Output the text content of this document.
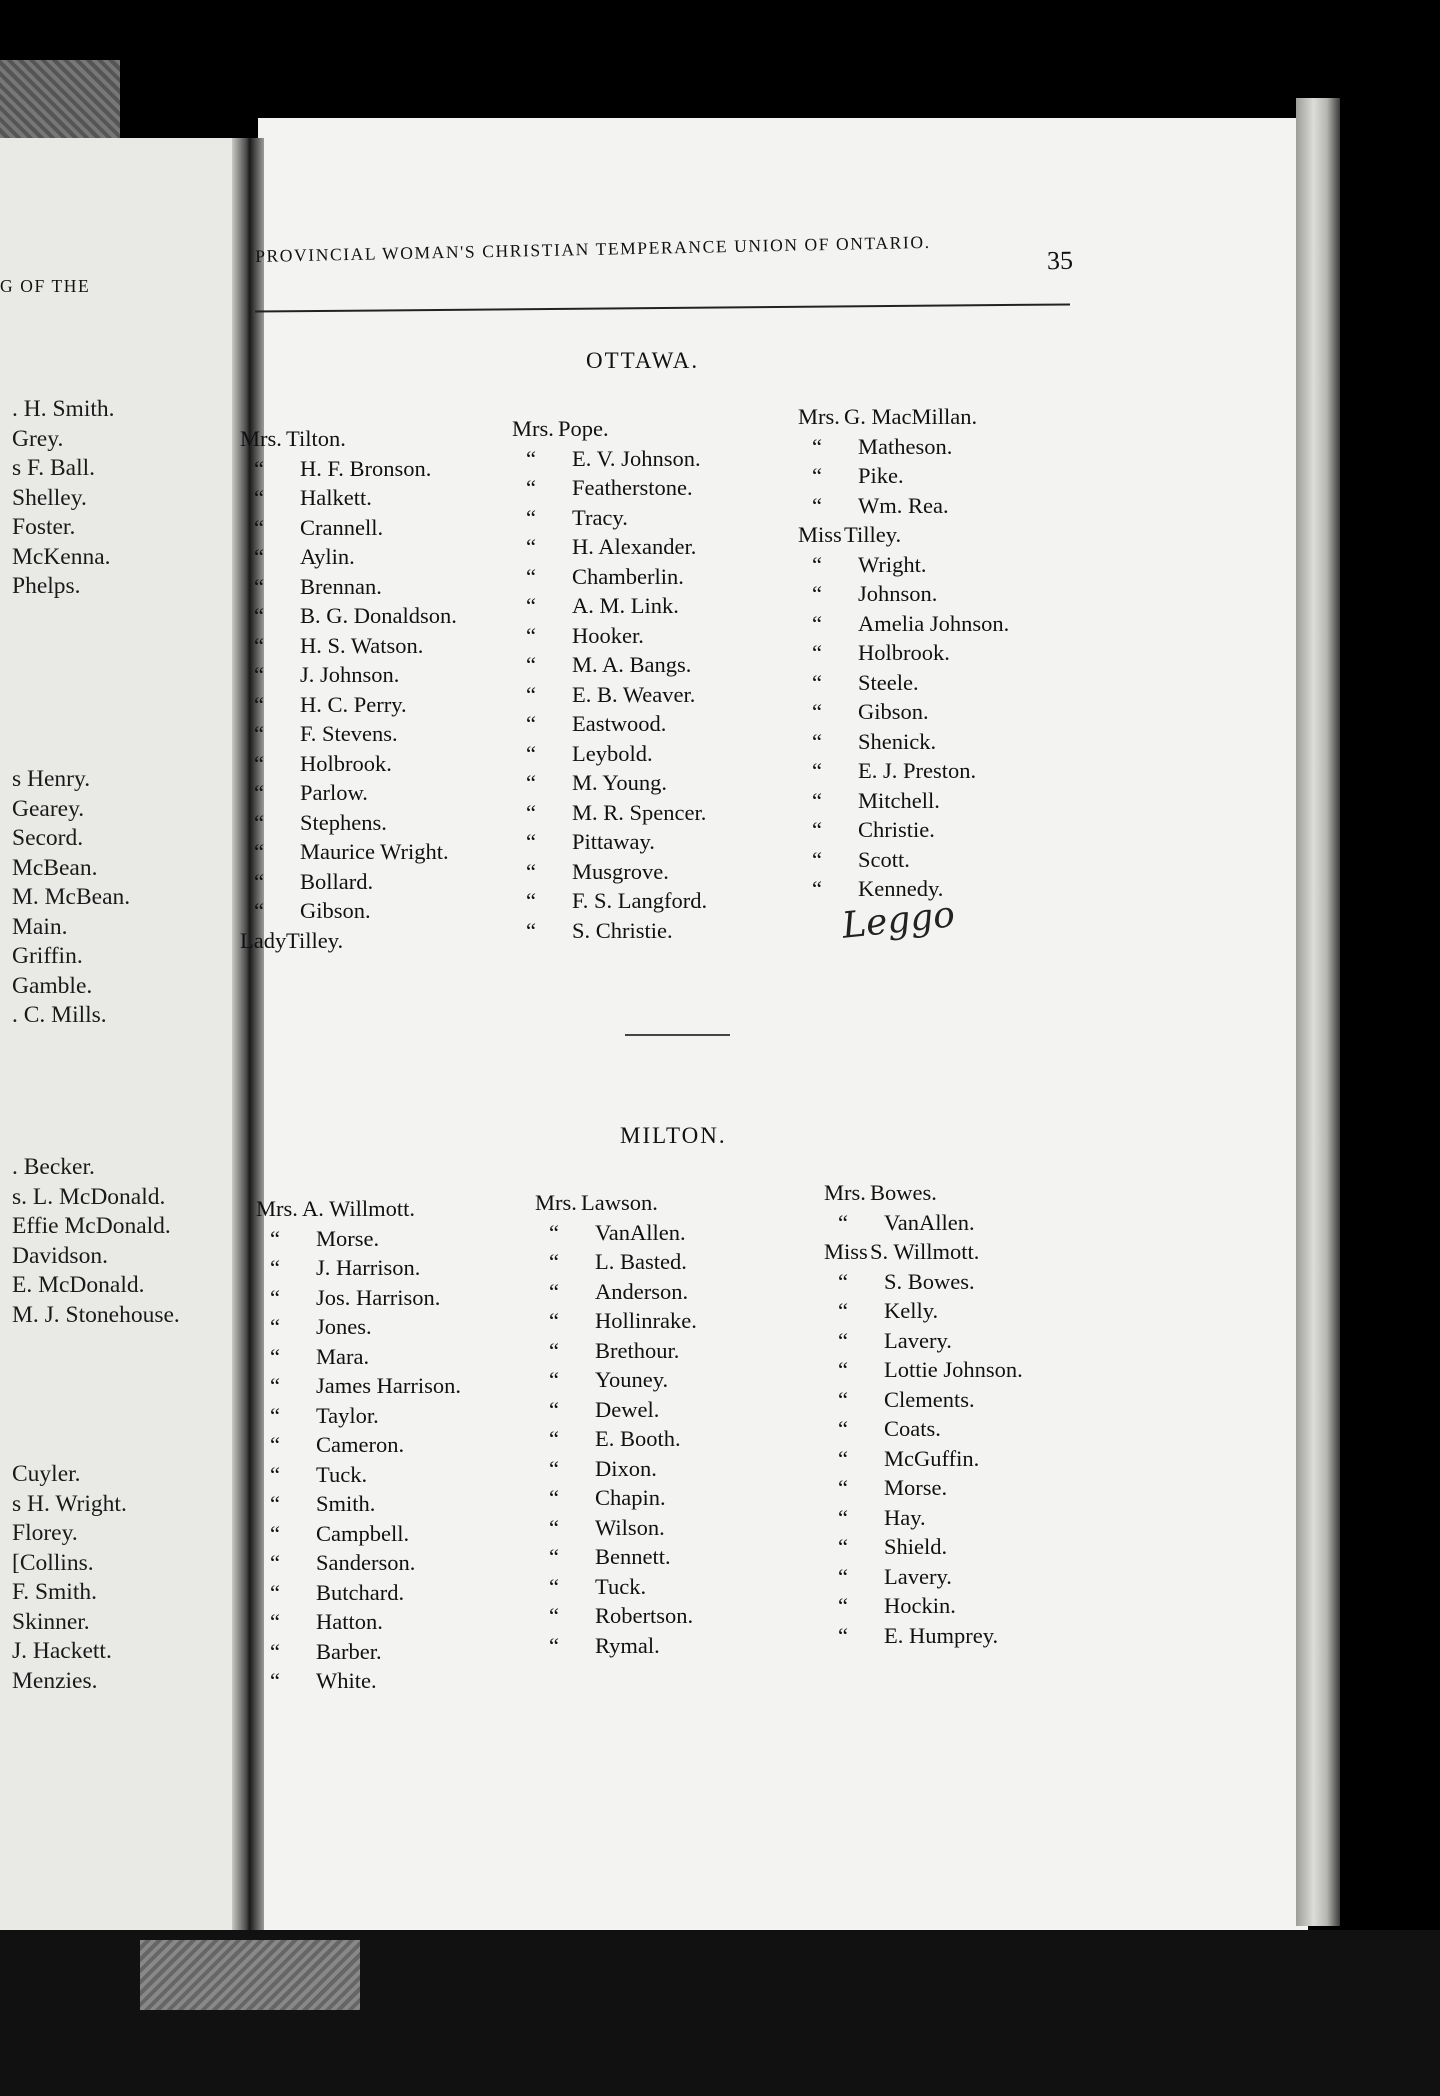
G OF THE
PROVINCIAL WOMAN'S CHRISTIAN TEMPERANCE UNION OF ONTARIO.	35
. H. Smith.
Grey.
s F. Ball.
Shelley.
Foster.
McKenna.
Phelps.
s Henry.
Gearey.
Secord.
McBean.
M. McBean.
Main.
Griffin.
Gamble.
. C. Mills.
. Becker.
s. L. McDonald.
Effie McDonald.
Davidson.
E. McDonald.
M. J. Stonehouse.
Cuyler.
s H. Wright.
Florey.
[Collins.
F. Smith.
Skinner.
J. Hackett.
Menzies.
OTTAWA.
Mrs. Tilton.
“	H. F. Bronson.
“	Halkett.
“	Crannell.
“	Aylin.
“	Brennan.
“	B. G. Donaldson.
“	H. S. Watson.
“	J. Johnson.
“	H. C. Perry.
“	F. Stevens.
“	Holbrook.
“	Parlow.
“	Stephens.
“	Maurice Wright.
“	Bollard.
“	Gibson.
Lady Tilley.
Mrs. Pope.
“	E. V. Johnson.
“	Featherstone.
“	Tracy.
“	H. Alexander.
“	Chamberlin.
“	A. M. Link.
“	Hooker.
“	M. A. Bangs.
“	E. B. Weaver.
“	Eastwood.
“	Leybold.
“	M. Young.
“	M. R. Spencer.
“	Pittaway.
“	Musgrove.
“	F. S. Langford.
“	S. Christie.
Mrs. G. MacMillan.
“	Matheson.
“	Pike.
“	Wm. Rea.
Miss Tilley.
“	Wright.
“	Johnson.
“	Amelia Johnson.
“	Holbrook.
“	Steele.
“	Gibson.
“	Shenick.
“	E. J. Preston.
“	Mitchell.
“	Christie.
“	Scott.
“	Kennedy.
Leggo
MILTON.
Mrs. A. Willmott.
“	Morse.
“	J. Harrison.
“	Jos. Harrison.
“	Jones.
“	Mara.
“	James Harrison.
“	Taylor.
“	Cameron.
“	Tuck.
“	Smith.
“	Campbell.
“	Sanderson.
“	Butchard.
“	Hatton.
“	Barber.
“	White.
Mrs. Lawson.
“	VanAllen.
“	L. Basted.
“	Anderson.
“	Hollinrake.
“	Brethour.
“	Youney.
“	Dewel.
“	E. Booth.
“	Dixon.
“	Chapin.
“	Wilson.
“	Bennett.
“	Tuck.
“	Robertson.
“	Rymal.
Mrs. Bowes.
“	VanAllen.
Miss S. Willmott.
“	S. Bowes.
“	Kelly.
“	Lavery.
“	Lottie Johnson.
“	Clements.
“	Coats.
“	McGuffin.
“	Morse.
“	Hay.
“	Shield.
“	Lavery.
“	Hockin.
“	E. Humprey.
